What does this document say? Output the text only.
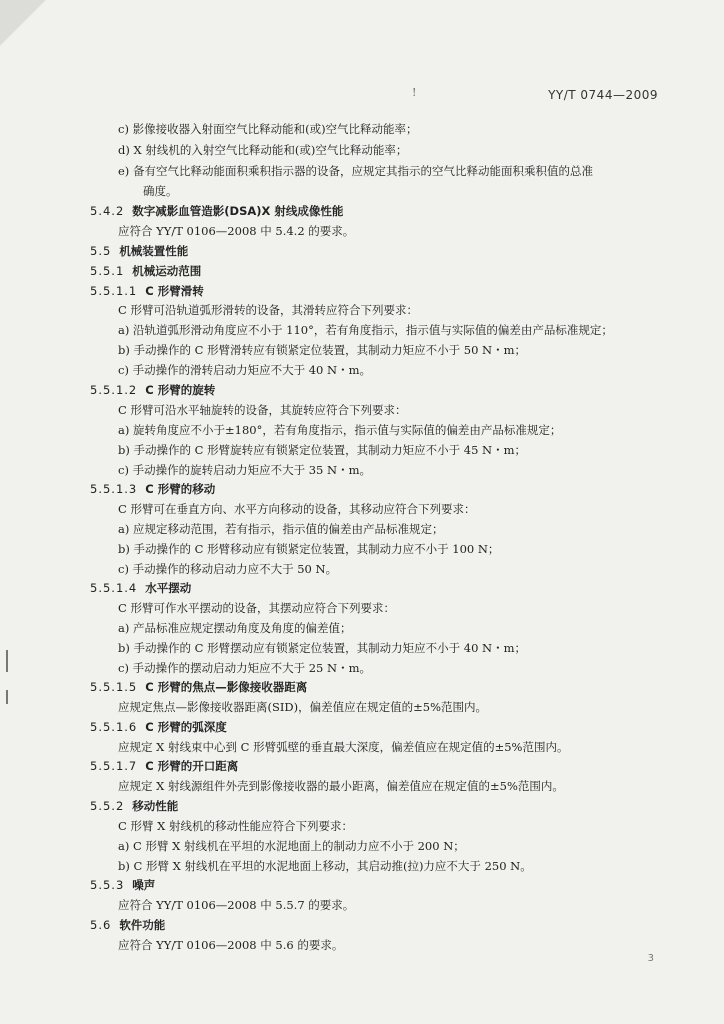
!	YY/T 0744—2009
c) 影像接收器入射面空气比释动能和(或)空气比释动能率；
d) X 射线机的入射空气比释动能和(或)空气比释动能率；
e) 备有空气比释动能面积乘积指示器的设备，应规定其指示的空气比释动能面积乘积值的总准
确度。
5.4.2 数字减影血管造影(DSA)X 射线成像性能
应符合 YY/T 0106—2008 中 5.4.2 的要求。
5.5 机械装置性能
5.5.1 机械运动范围
5.5.1.1 C 形臂滑转
C 形臂可沿轨道弧形滑转的设备，其滑转应符合下列要求：
a) 沿轨道弧形滑动角度应不小于 110°，若有角度指示，指示值与实际值的偏差由产品标准规定；
b) 手动操作的 C 形臂滑转应有锁紧定位装置，其制动力矩应不小于 50 N・m；
c) 手动操作的滑转启动力矩应不大于 40 N・m。
5.5.1.2 C 形臂的旋转
C 形臂可沿水平轴旋转的设备，其旋转应符合下列要求：
a) 旋转角度应不小于±180°，若有角度指示，指示值与实际值的偏差由产品标准规定；
b) 手动操作的 C 形臂旋转应有锁紧定位装置，其制动力矩应不小于 45 N・m；
c) 手动操作的旋转启动力矩应不大于 35 N・m。
5.5.1.3 C 形臂的移动
C 形臂可在垂直方向、水平方向移动的设备，其移动应符合下列要求：
a) 应规定移动范围，若有指示，指示值的偏差由产品标准规定；
b) 手动操作的 C 形臂移动应有锁紧定位装置，其制动力应不小于 100 N；
c) 手动操作的移动启动力应不大于 50 N。
5.5.1.4 水平摆动
C 形臂可作水平摆动的设备，其摆动应符合下列要求：
a) 产品标准应规定摆动角度及角度的偏差值；
b) 手动操作的 C 形臂摆动应有锁紧定位装置，其制动力矩应不小于 40 N・m；
c) 手动操作的摆动启动力矩应不大于 25 N・m。
5.5.1.5 C 形臂的焦点—影像接收器距离
应规定焦点—影像接收器距离(SID)，偏差值应在规定值的±5%范围内。
5.5.1.6 C 形臂的弧深度
应规定 X 射线束中心到 C 形臂弧壁的垂直最大深度，偏差值应在规定值的±5%范围内。
5.5.1.7 C 形臂的开口距离
应规定 X 射线源组件外壳到影像接收器的最小距离，偏差值应在规定值的±5%范围内。
5.5.2 移动性能
C 形臂 X 射线机的移动性能应符合下列要求：
a) C 形臂 X 射线机在平坦的水泥地面上的制动力应不小于 200 N；
b) C 形臂 X 射线机在平坦的水泥地面上移动，其启动推(拉)力应不大于 250 N。
5.5.3 噪声
应符合 YY/T 0106—2008 中 5.5.7 的要求。
5.6 软件功能
应符合 YY/T 0106—2008 中 5.6 的要求。
3
